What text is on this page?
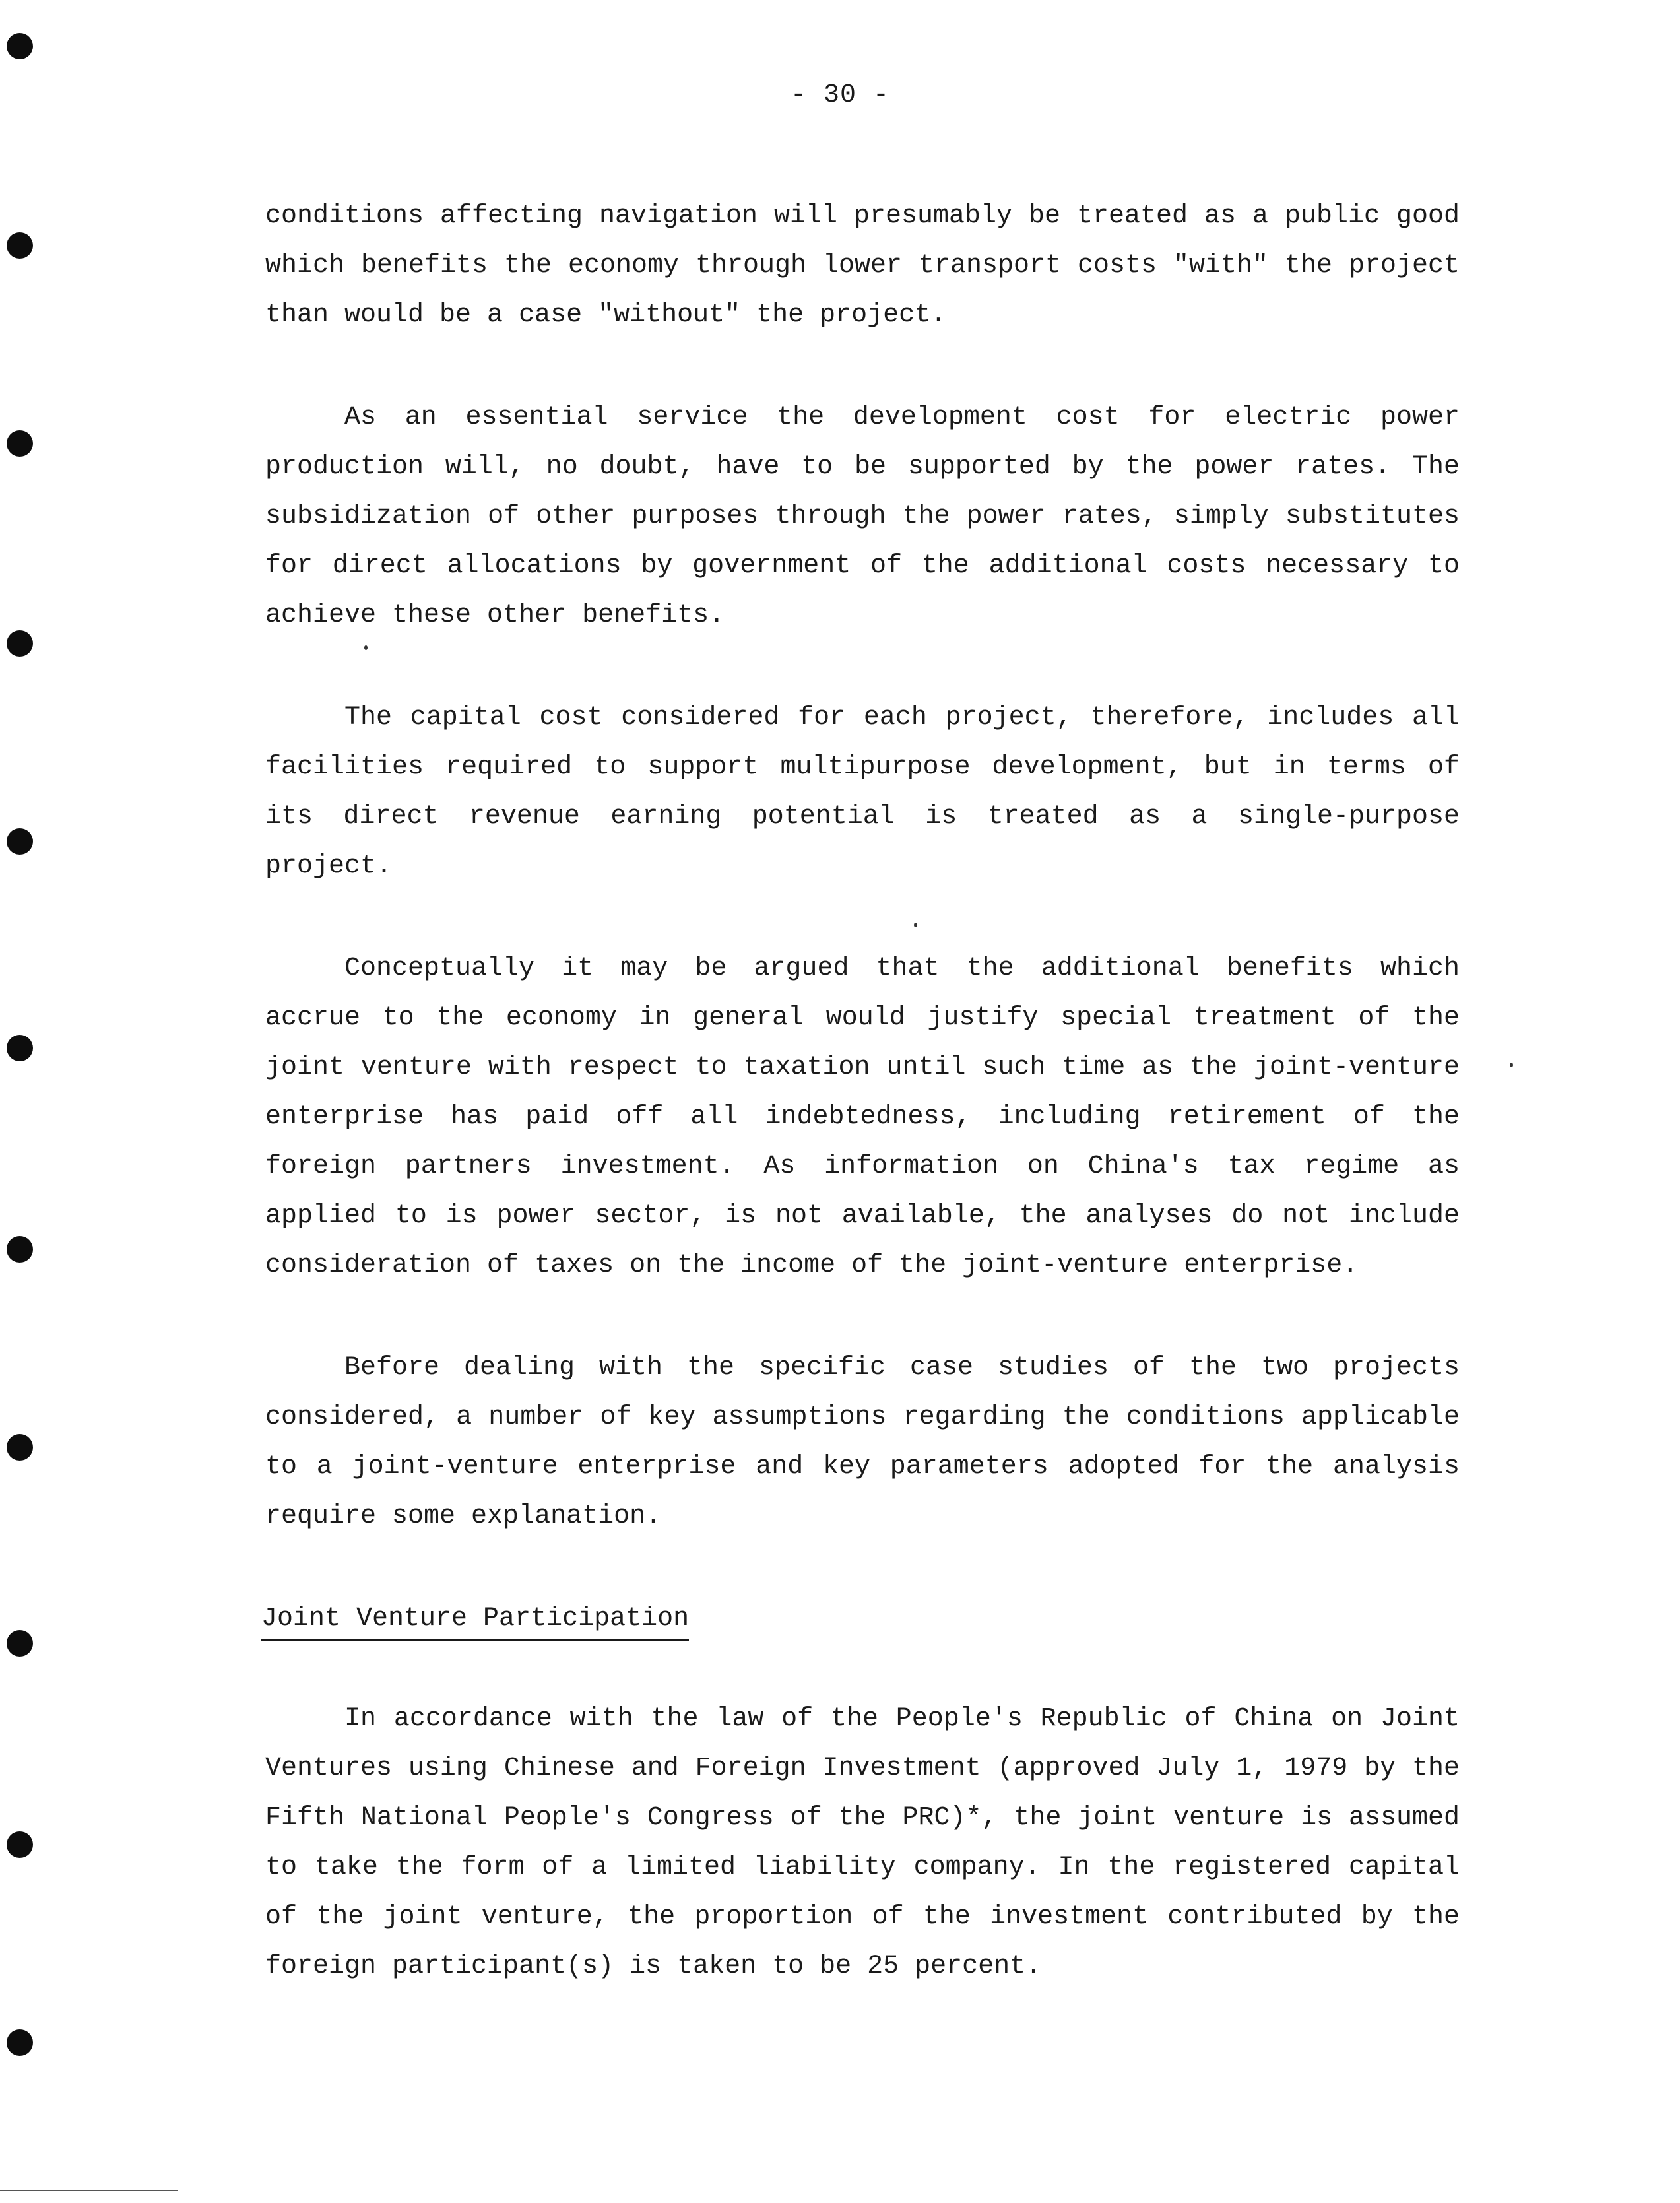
- 30 -

conditions affecting navigation will presumably be treated as a public good which benefits the economy through lower transport costs "with" the project than would be a case "without" the project.

As an essential service the development cost for electric power production will, no doubt, have to be supported by the power rates. The subsidization of other purposes through the power rates, simply substitutes for direct allocations by government of the additional costs necessary to achieve these other benefits.

The capital cost considered for each project, therefore, includes all facilities required to support multipurpose development, but in terms of its direct revenue earning potential is treated as a single-purpose project.

Conceptually it may be argued that the additional benefits which accrue to the economy in general would justify special treatment of the joint venture with respect to taxation until such time as the joint-venture enterprise has paid off all indebtedness, including retirement of the foreign partners investment. As information on China's tax regime as applied to is power sector, is not available, the analyses do not include consideration of taxes on the income of the joint-venture enterprise.

Before dealing with the specific case studies of the two projects considered, a number of key assumptions regarding the conditions applicable to a joint-venture enterprise and key parameters adopted for the analysis require some explanation.

Joint Venture Participation

In accordance with the law of the People's Republic of China on Joint Ventures using Chinese and Foreign Investment (approved July 1, 1979 by the Fifth National People's Congress of the PRC)*, the joint venture is assumed to take the form of a limited liability company. In the registered capital of the joint venture, the proportion of the investment contributed by the foreign participant(s) is taken to be 25 percent.
